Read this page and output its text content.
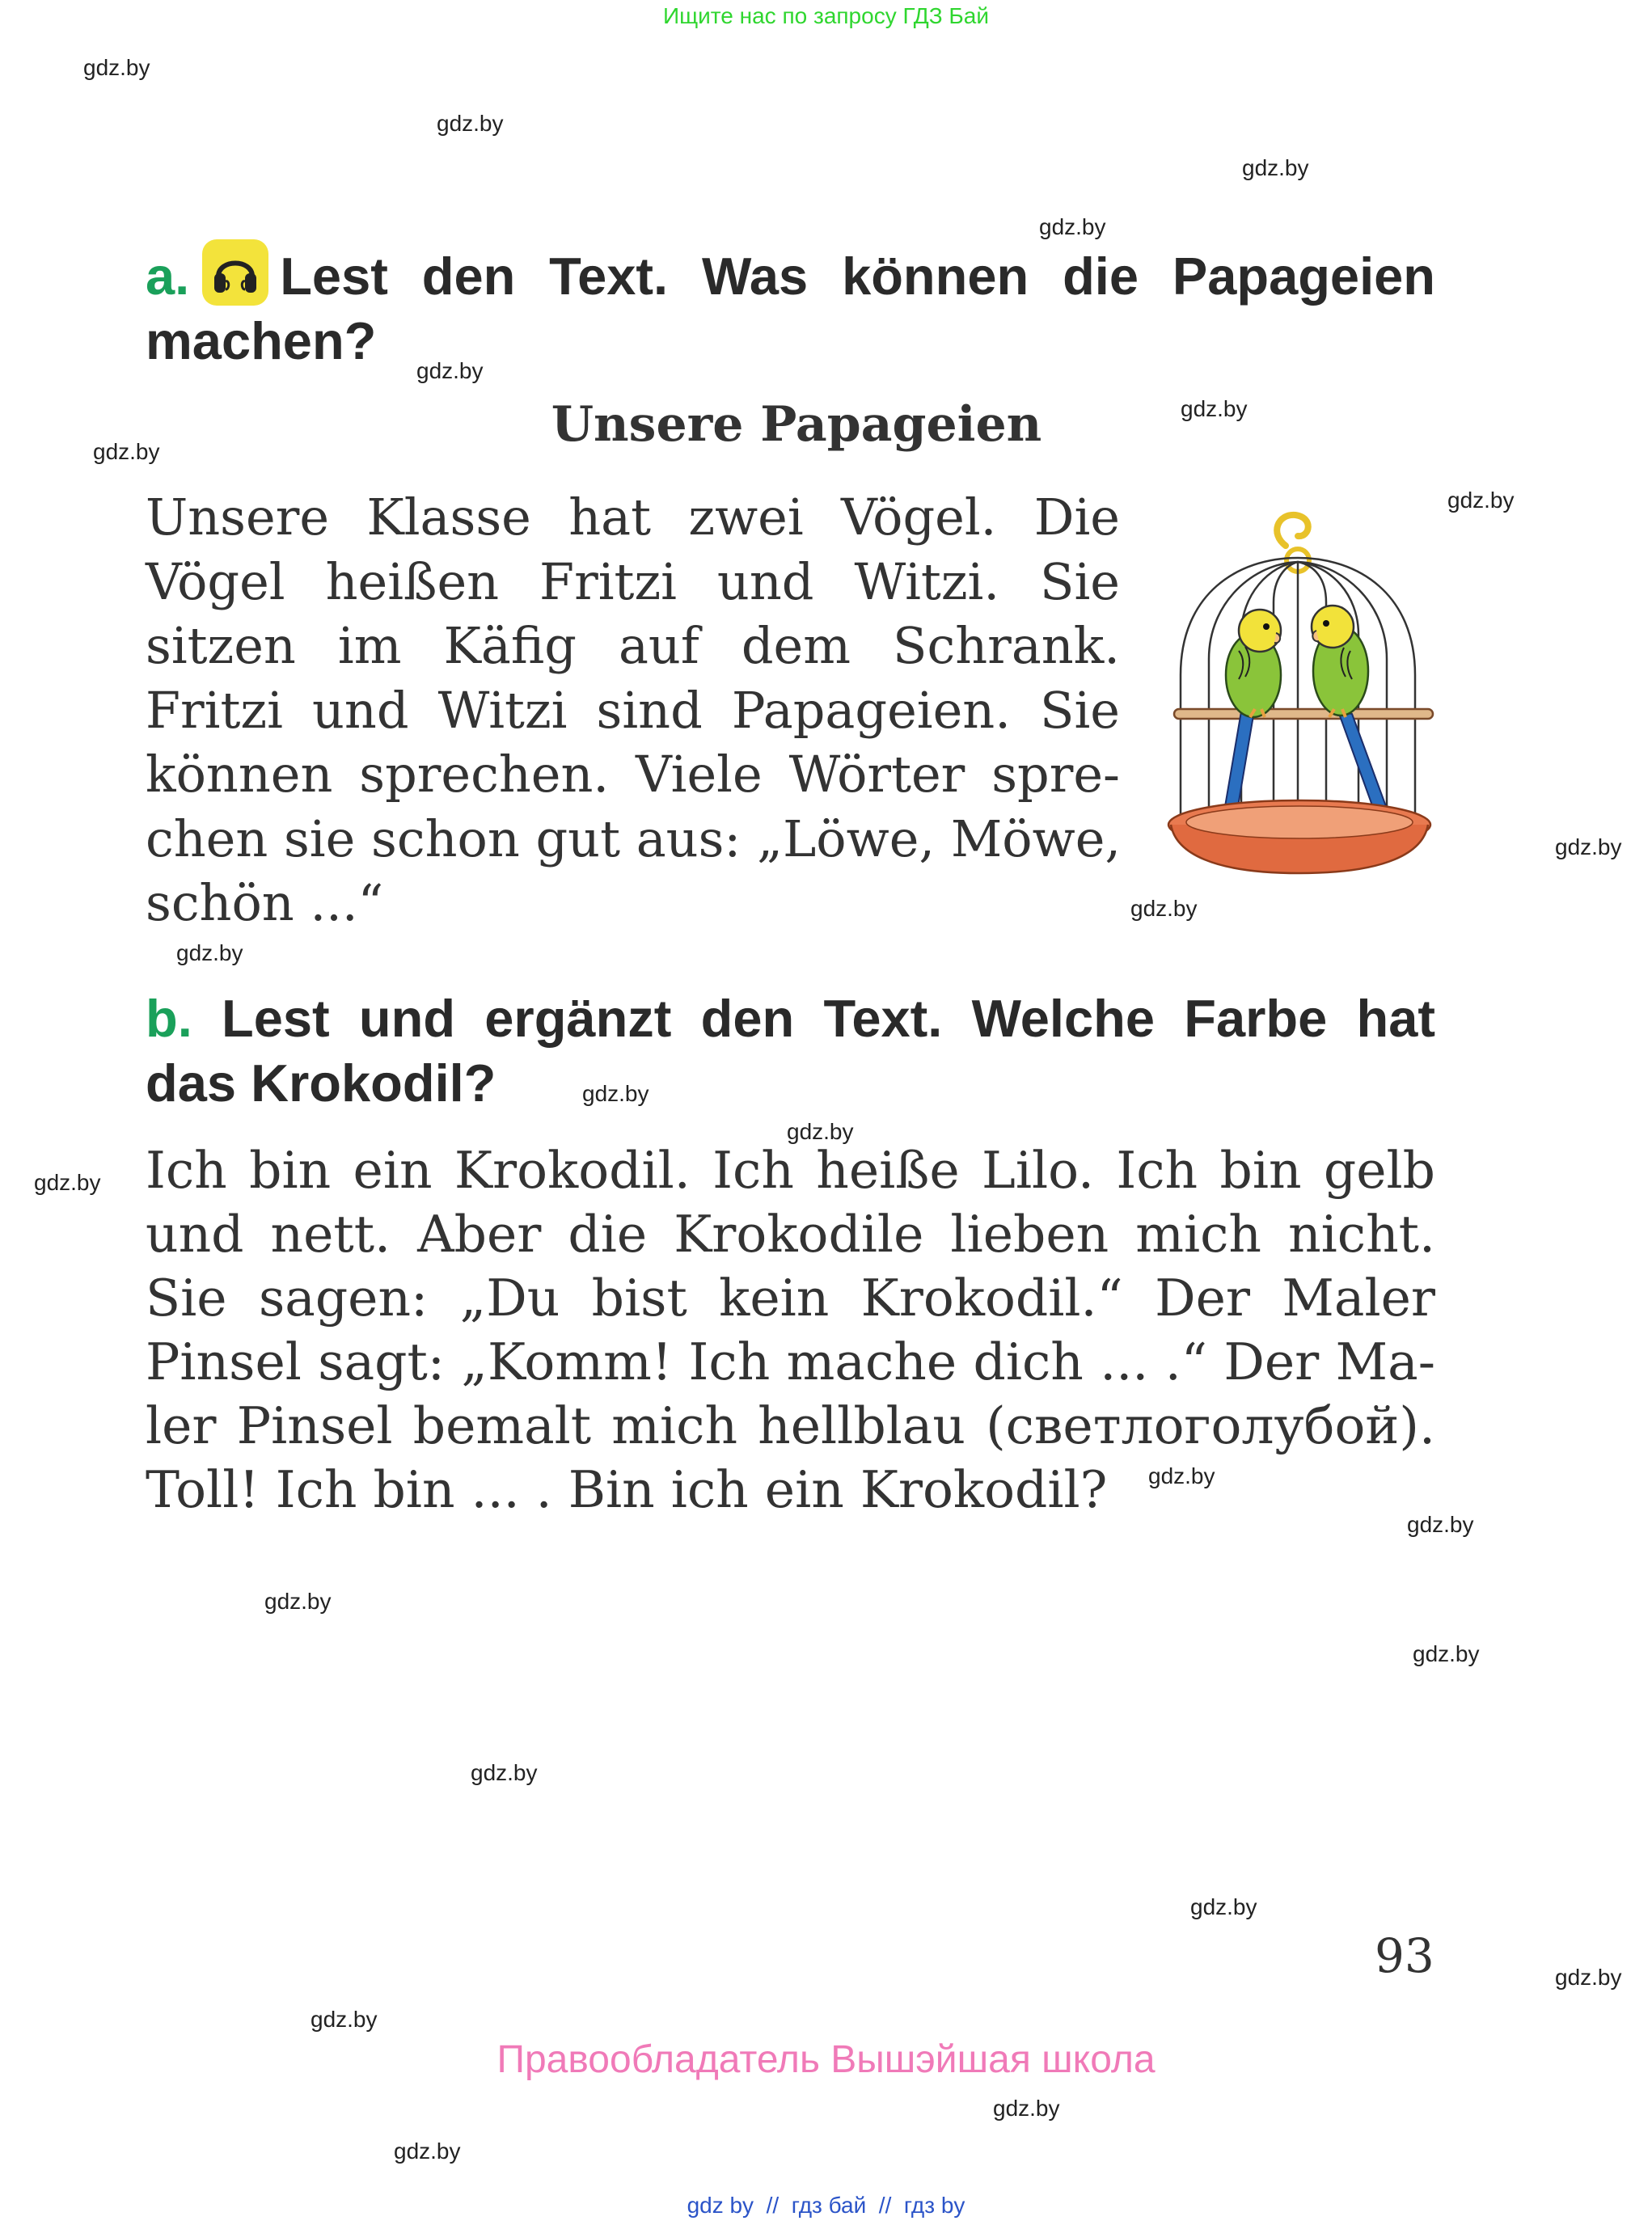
Ищите нас по запросу ГДЗ Бай
gdz.by
gdz.by
gdz.by
gdz.by
gdz.by
gdz.by
gdz.by
gdz.by
gdz.by
gdz.by
gdz.by
gdz.by
gdz.by
gdz.by
gdz.by
gdz.by
gdz.by
gdz.by
gdz.by
gdz.by
gdz.by
gdz.by
gdz.by
gdz.by
a. Lest den Text. Was können die Papageien
machen?
Unsere Papageien
Unsere Klasse hat zwei Vögel. Die
Vögel heißen Fritzi und Witzi. Sie
sitzen im Käfig auf dem Schrank.
Fritzi und Witzi sind Papageien. Sie
können sprechen. Viele Wörter spre-
chen sie schon gut aus: „Löwe, Möwe,
schön ...“
b. Lest und ergänzt den Text. Welche Farbe hat
das Krokodil?
Ich bin ein Krokodil. Ich heiße Lilo. Ich bin gelb
und nett. Aber die Krokodile lieben mich nicht.
Sie sagen: „Du bist kein Krokodil.“ Der Maler
Pinsel sagt: „Komm! Ich mache dich ... .“ Der Ma-
ler Pinsel bemalt mich hellblau (светлоголубой).
Toll! Ich bin ... . Bin ich ein Krokodil?
93
Правообладатель Вышэйшая школа
gdz by  //  гдз бай  //  гдз by
